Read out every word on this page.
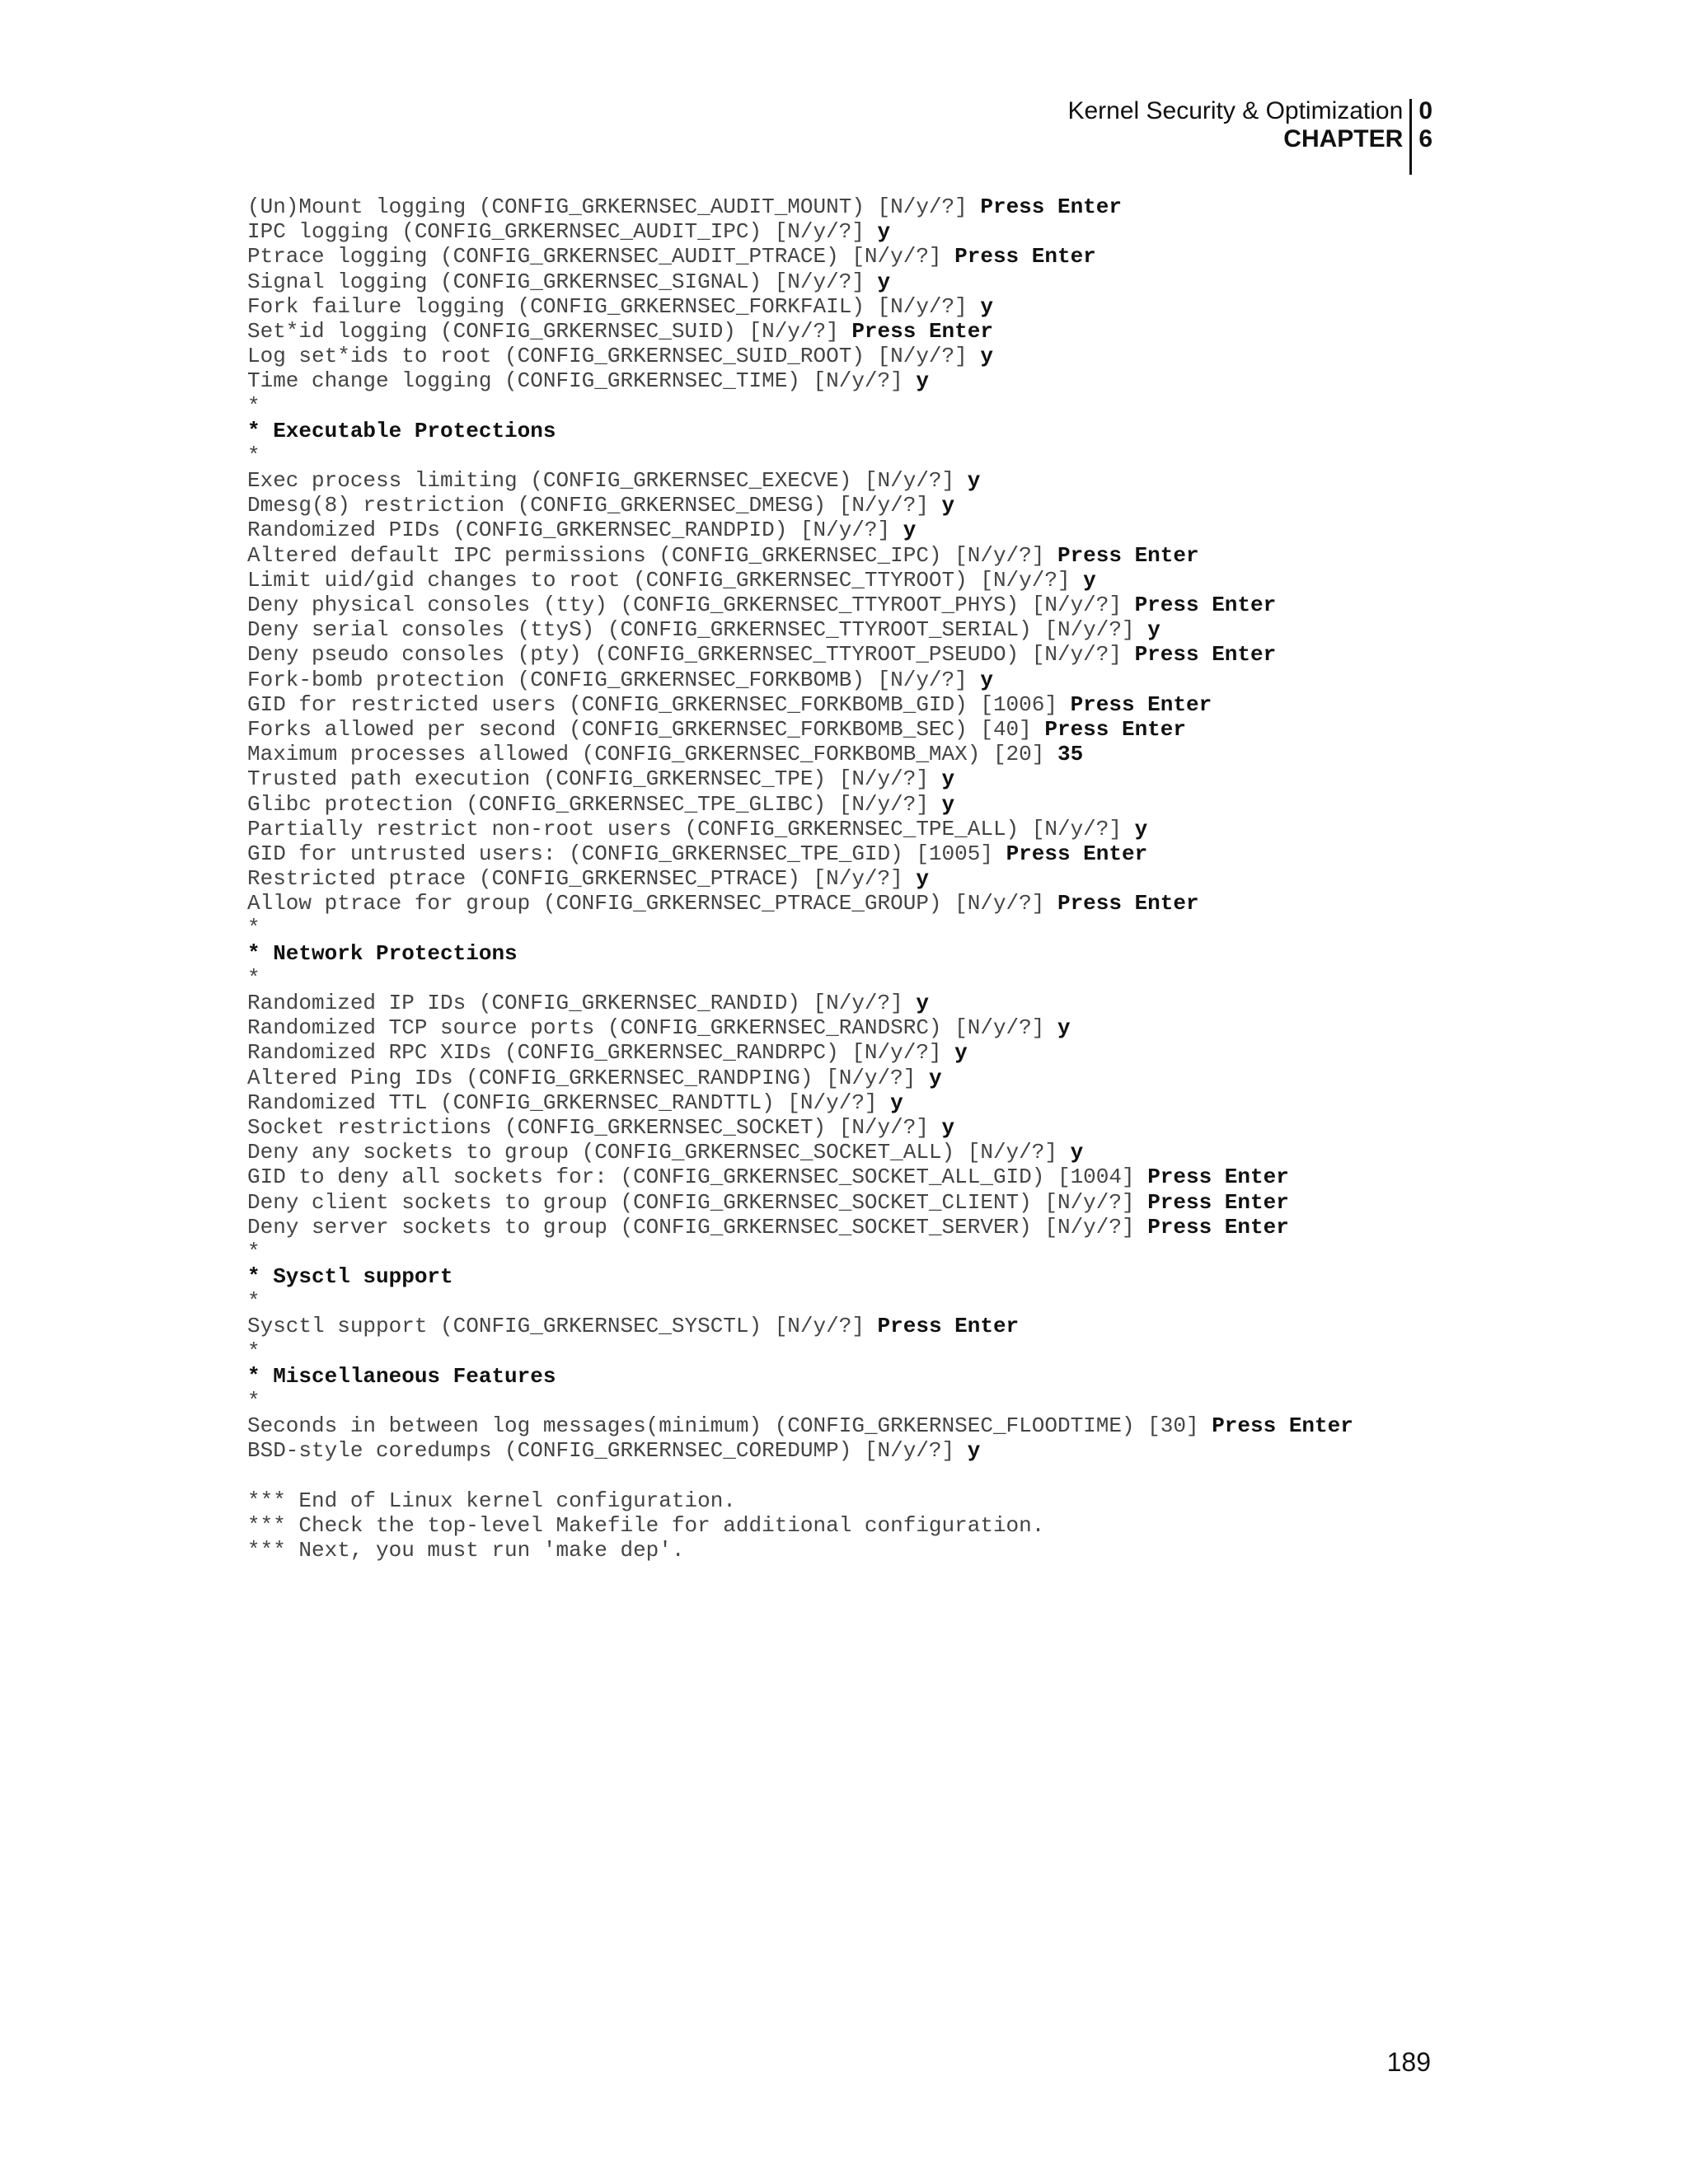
Kernel Security & Optimization
CHAPTER
0
6
(Un)Mount logging (CONFIG_GRKERNSEC_AUDIT_MOUNT) [N/y/?] Press Enter
IPC logging (CONFIG_GRKERNSEC_AUDIT_IPC) [N/y/?] y
Ptrace logging (CONFIG_GRKERNSEC_AUDIT_PTRACE) [N/y/?] Press Enter
Signal logging (CONFIG_GRKERNSEC_SIGNAL) [N/y/?] y
Fork failure logging (CONFIG_GRKERNSEC_FORKFAIL) [N/y/?] y
Set*id logging (CONFIG_GRKERNSEC_SUID) [N/y/?] Press Enter
Log set*ids to root (CONFIG_GRKERNSEC_SUID_ROOT) [N/y/?] y
Time change logging (CONFIG_GRKERNSEC_TIME) [N/y/?] y
*
* Executable Protections
*
Exec process limiting (CONFIG_GRKERNSEC_EXECVE) [N/y/?] y
Dmesg(8) restriction (CONFIG_GRKERNSEC_DMESG) [N/y/?] y
Randomized PIDs (CONFIG_GRKERNSEC_RANDPID) [N/y/?] y
Altered default IPC permissions (CONFIG_GRKERNSEC_IPC) [N/y/?] Press Enter
Limit uid/gid changes to root (CONFIG_GRKERNSEC_TTYROOT) [N/y/?] y
Deny physical consoles (tty) (CONFIG_GRKERNSEC_TTYROOT_PHYS) [N/y/?] Press Enter
Deny serial consoles (ttyS) (CONFIG_GRKERNSEC_TTYROOT_SERIAL) [N/y/?] y
Deny pseudo consoles (pty) (CONFIG_GRKERNSEC_TTYROOT_PSEUDO) [N/y/?] Press Enter
Fork-bomb protection (CONFIG_GRKERNSEC_FORKBOMB) [N/y/?] y
GID for restricted users (CONFIG_GRKERNSEC_FORKBOMB_GID) [1006] Press Enter
Forks allowed per second (CONFIG_GRKERNSEC_FORKBOMB_SEC) [40] Press Enter
Maximum processes allowed (CONFIG_GRKERNSEC_FORKBOMB_MAX) [20] 35
Trusted path execution (CONFIG_GRKERNSEC_TPE) [N/y/?] y
Glibc protection (CONFIG_GRKERNSEC_TPE_GLIBC) [N/y/?] y
Partially restrict non-root users (CONFIG_GRKERNSEC_TPE_ALL) [N/y/?] y
GID for untrusted users: (CONFIG_GRKERNSEC_TPE_GID) [1005] Press Enter
Restricted ptrace (CONFIG_GRKERNSEC_PTRACE) [N/y/?] y
Allow ptrace for group (CONFIG_GRKERNSEC_PTRACE_GROUP) [N/y/?] Press Enter
*
* Network Protections
*
Randomized IP IDs (CONFIG_GRKERNSEC_RANDID) [N/y/?] y
Randomized TCP source ports (CONFIG_GRKERNSEC_RANDSRC) [N/y/?] y
Randomized RPC XIDs (CONFIG_GRKERNSEC_RANDRPC) [N/y/?] y
Altered Ping IDs (CONFIG_GRKERNSEC_RANDPING) [N/y/?] y
Randomized TTL (CONFIG_GRKERNSEC_RANDTTL) [N/y/?] y
Socket restrictions (CONFIG_GRKERNSEC_SOCKET) [N/y/?] y
Deny any sockets to group (CONFIG_GRKERNSEC_SOCKET_ALL) [N/y/?] y
GID to deny all sockets for: (CONFIG_GRKERNSEC_SOCKET_ALL_GID) [1004] Press Enter
Deny client sockets to group (CONFIG_GRKERNSEC_SOCKET_CLIENT) [N/y/?] Press Enter
Deny server sockets to group (CONFIG_GRKERNSEC_SOCKET_SERVER) [N/y/?] Press Enter
*
* Sysctl support
*
Sysctl support (CONFIG_GRKERNSEC_SYSCTL) [N/y/?] Press Enter
*
* Miscellaneous Features
*
Seconds in between log messages(minimum) (CONFIG_GRKERNSEC_FLOODTIME) [30] Press Enter
BSD-style coredumps (CONFIG_GRKERNSEC_COREDUMP) [N/y/?] y
*** End of Linux kernel configuration.
*** Check the top-level Makefile for additional configuration.
*** Next, you must run 'make dep'.
189
